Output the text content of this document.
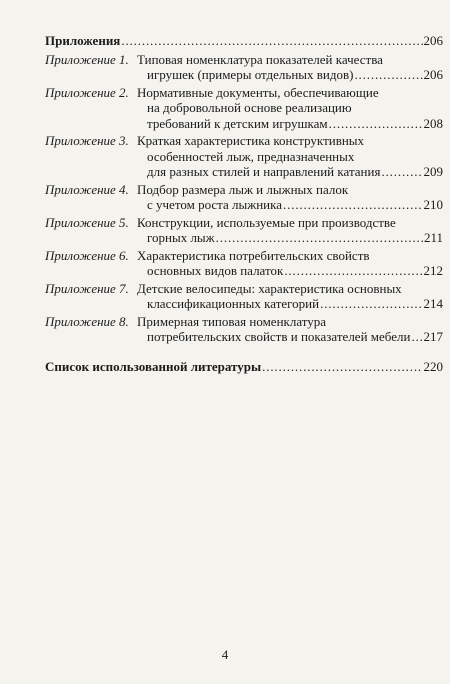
Приложения . . .	206
Приложение 1. Типовая номенклатура показателей качества
игрушек (примеры отдельных видов) . . .	206
Приложение 2. Нормативные документы, обеспечивающие
на добровольной основе реализацию
требований к детским игрушкам . . .	208
Приложение 3. Краткая характеристика конструктивных
особенностей лыж, предназначенных
для разных стилей и направлений катания . . .	209
Приложение 4. Подбор размера лыж и лыжных палок
с учетом роста лыжника . . .	210
Приложение 5. Конструкции, используемые при производстве
горных лыж . . .	211
Приложение 6. Характеристика потребительских свойств
основных видов палаток . . .	212
Приложение 7. Детские велосипеды: характеристика основных
классификационных категорий . . .	214
Приложение 8. Примерная типовая номенклатура
потребительских свойств и показателей мебели . . . 217
Список использованной литературы . . .	220
4
